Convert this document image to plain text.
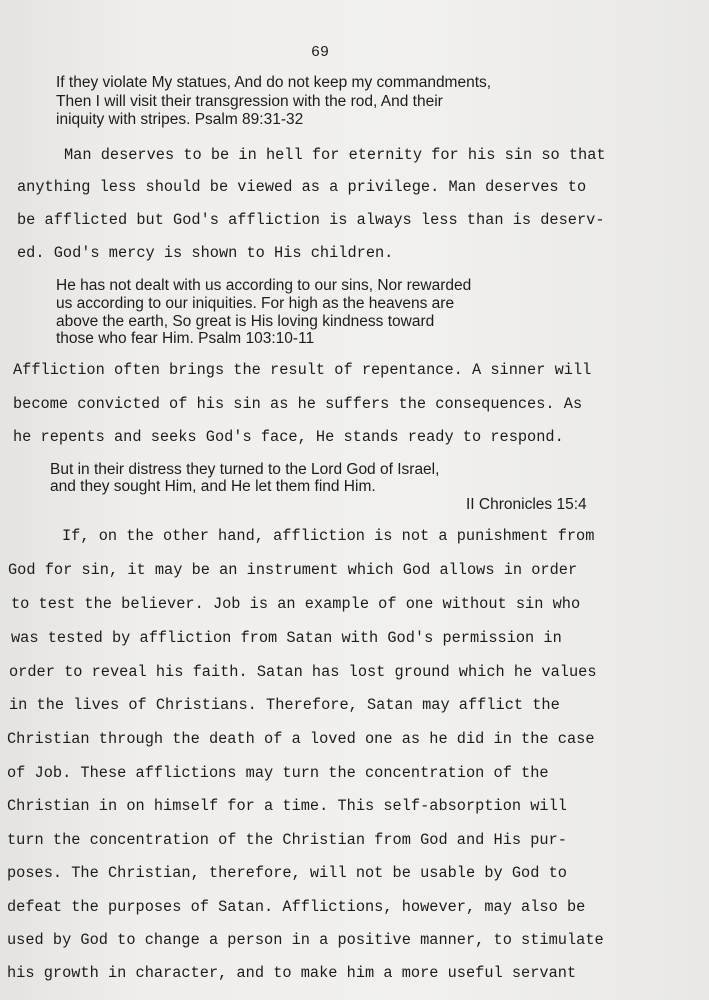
69
If they violate My statues, And do not keep my commandments,
Then I will visit their transgression with the rod, And their
iniquity with stripes. Psalm 89:31-32
Man deserves to be in hell for eternity for his sin so that
anything less should be viewed as a privilege. Man deserves to
be afflicted but God's affliction is always less than is deserv-
ed. God's mercy is shown to His children.
He has not dealt with us according to our sins, Nor rewarded
us according to our iniquities. For high as the heavens are
above the earth, So great is His loving kindness toward
those who fear Him. Psalm 103:10-11
Affliction often brings the result of repentance. A sinner will
become convicted of his sin as he suffers the consequences. As
he repents and seeks God's face, He stands ready to respond.
But in their distress they turned to the Lord God of Israel,
and they sought Him, and He let them find Him.
II Chronicles 15:4
If, on the other hand, affliction is not a punishment from
God for sin, it may be an instrument which God allows in order
to test the believer. Job is an example of one without sin who
was tested by affliction from Satan with God's permission in
order to reveal his faith. Satan has lost ground which he values
in the lives of Christians. Therefore, Satan may afflict the
Christian through the death of a loved one as he did in the case
of Job. These afflictions may turn the concentration of the
Christian in on himself for a time. This self-absorption will
turn the concentration of the Christian from God and His pur-
poses. The Christian, therefore, will not be usable by God to
defeat the purposes of Satan. Afflictions, however, may also be
used by God to change a person in a positive manner, to stimulate
his growth in character, and to make him a more useful servant
